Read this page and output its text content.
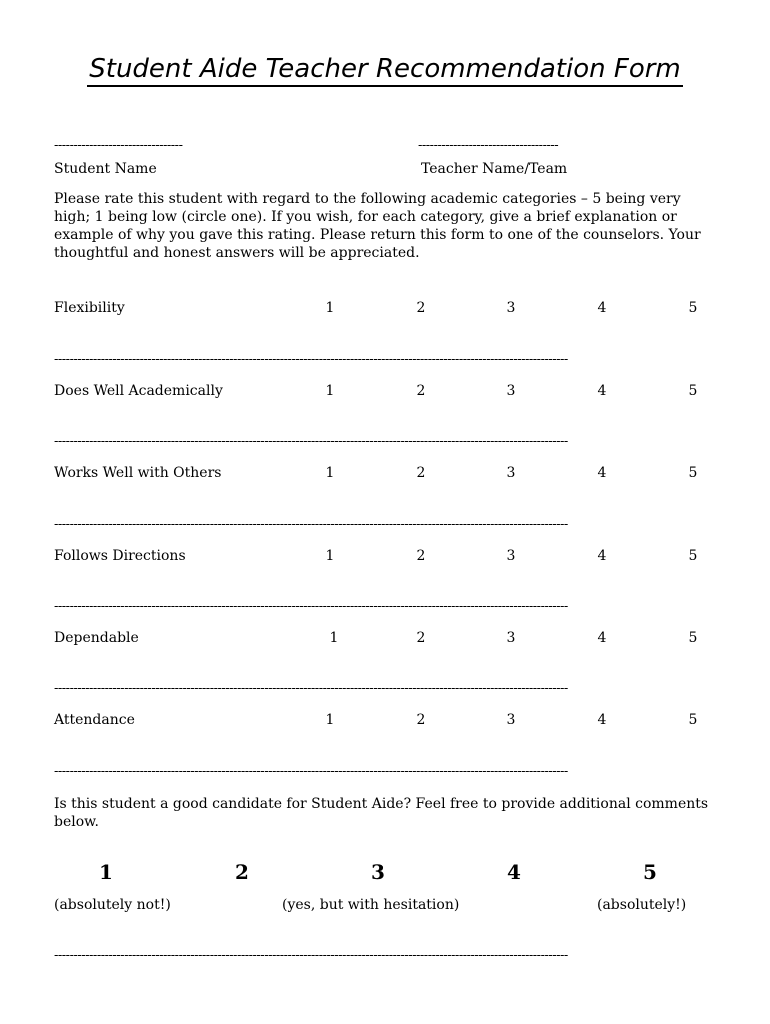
Student Aide Teacher Recommendation Form
---------------------------------	------------------------------------
Student Name	Teacher Name/Team
Please rate this student with regard to the following academic categories – 5 being very high; 1 being low (circle one). If you wish, for each category, give a brief explanation or example of why you gave this rating. Please return this form to one of the counselors. Your thoughtful and honest answers will be appreciated.
Flexibility	1	2	3	4	5
------------------------------------------------------------------------------------------------------------------------------------
Does Well Academically	1	2	3	4	5
------------------------------------------------------------------------------------------------------------------------------------
Works Well with Others	1	2	3	4	5
------------------------------------------------------------------------------------------------------------------------------------
Follows Directions	1	2	3	4	5
------------------------------------------------------------------------------------------------------------------------------------
Dependable	1	2	3	4	5
------------------------------------------------------------------------------------------------------------------------------------
Attendance	1	2	3	4	5
------------------------------------------------------------------------------------------------------------------------------------
Is this student a good candidate for Student Aide? Feel free to provide additional comments below.
1	2	3	4	5
(absolutely not!)	(yes, but with hesitation)	(absolutely!)
------------------------------------------------------------------------------------------------------------------------------------
